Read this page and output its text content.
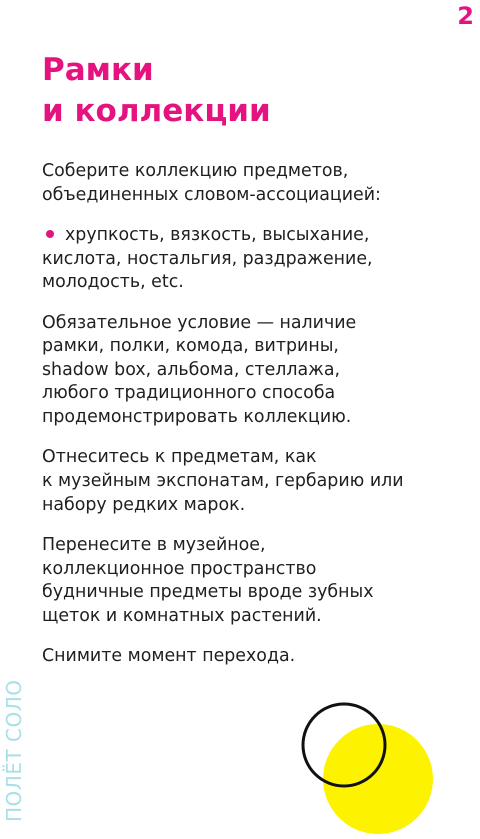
2
Рамки
и коллекции

Соберите коллекцию предметов,
объединенных словом-ассоциацией:

хрупкость, вязкость, высыхание,
кислота, ностальгия, раздражение,
молодость, etc.

Обязательное условие — наличие
рамки, полки, комода, витрины,
shadow box, альбома, стеллажа,
любого традиционного способа
продемонстрировать коллекцию.

Отнеситесь к предметам, как
к музейным экспонатам, гербарию или
набору редких марок.

Перенесите в музейное,
коллекционное пространство
будничные предметы вроде зубных
щеток и комнатных растений.

Снимите момент перехода.

ПОЛЁТ СОЛО
